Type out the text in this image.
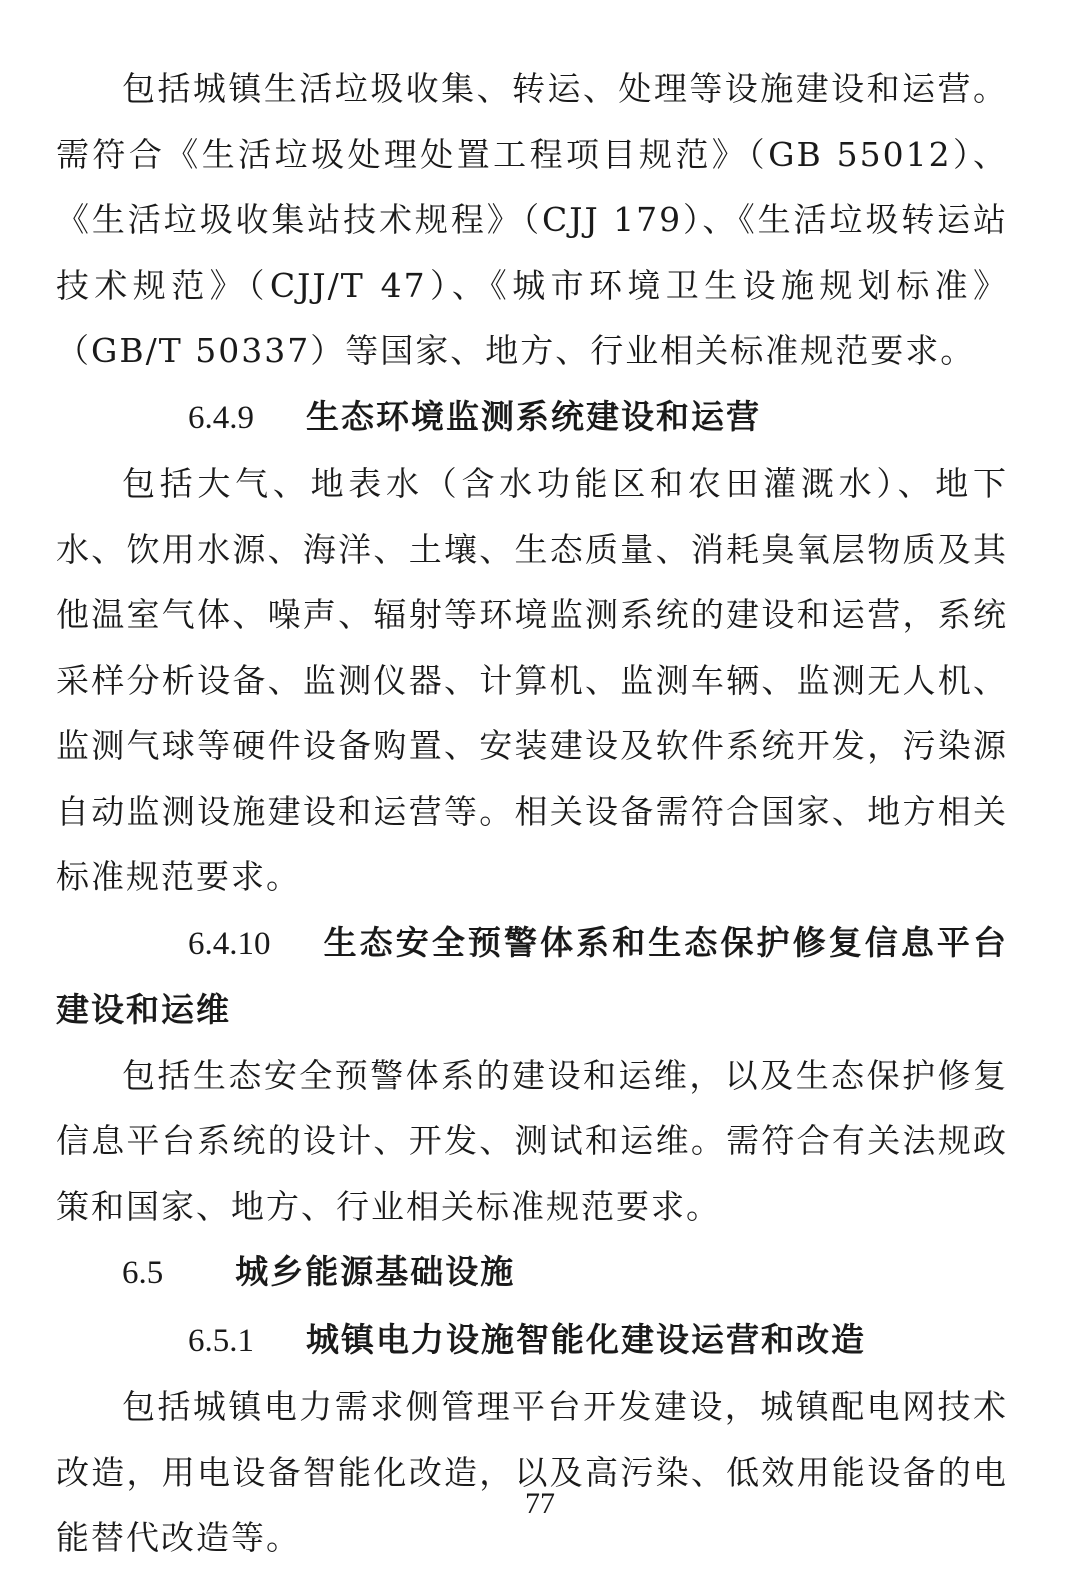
包括城镇生活垃圾收集、转运、处理等设施建设和运营。需符合《生活垃圾处理处置工程项目规范》（GB 55012）、《生活垃圾收集站技术规程》（CJJ 179）、《生活垃圾转运站技术规范》（CJJ/T 47）、《城市环境卫生设施规划标准》（GB/T 50337）等国家、地方、行业相关标准规范要求。

6.4.9 生态环境监测系统建设和运营

包括大气、地表水（含水功能区和农田灌溉水）、地下水、饮用水源、海洋、土壤、生态质量、消耗臭氧层物质及其他温室气体、噪声、辐射等环境监测系统的建设和运营，系统采样分析设备、监测仪器、计算机、监测车辆、监测无人机、监测气球等硬件设备购置、安装建设及软件系统开发，污染源自动监测设施建设和运营等。相关设备需符合国家、地方相关标准规范要求。

6.4.10 生态安全预警体系和生态保护修复信息平台建设和运维

包括生态安全预警体系的建设和运维，以及生态保护修复信息平台系统的设计、开发、测试和运维。需符合有关法规政策和国家、地方、行业相关标准规范要求。

6.5 城乡能源基础设施

6.5.1 城镇电力设施智能化建设运营和改造

包括城镇电力需求侧管理平台开发建设，城镇配电网技术改造，用电设备智能化改造，以及高污染、低效用能设备的电能替代改造等。

77
